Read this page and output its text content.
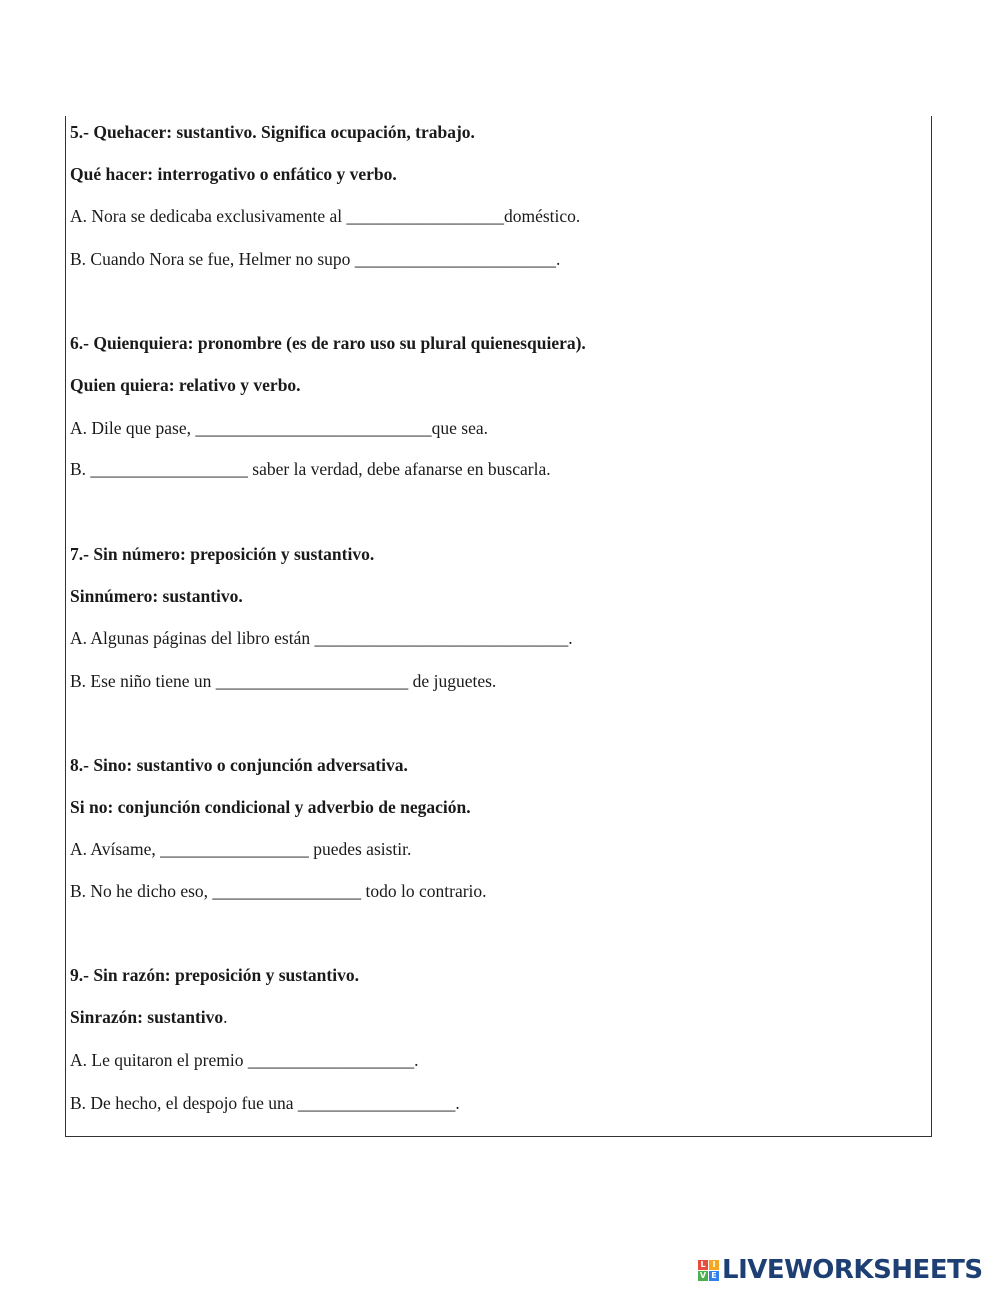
5.- Quehacer: sustantivo. Significa ocupación, trabajo.
Qué hacer: interrogativo o enfático y verbo.
A. Nora se dedicaba exclusivamente al __________________doméstico.
B. Cuando Nora se fue, Helmer no supo _______________________.
6.- Quienquiera: pronombre (es de raro uso su plural quienesquiera).
Quien quiera: relativo y verbo.
A. Dile que pase, ___________________________que sea.
B. __________________ saber la verdad, debe afanarse en buscarla.
7.- Sin número: preposición y sustantivo.
Sinnúmero: sustantivo.
A. Algunas páginas del libro están _____________________________.
B. Ese niño tiene un ______________________ de juguetes.
8.- Sino: sustantivo o conjunción adversativa.
Si no: conjunción condicional y adverbio de negación.
A. Avísame, _________________ puedes asistir.
B. No he dicho eso, _________________ todo lo contrario.
9.- Sin razón: preposición y sustantivo.
Sinrazón: sustantivo.
A. Le quitaron el premio ___________________.
B. De hecho, el despojo fue una __________________.
L I
V E LIVEWORKSHEETS
